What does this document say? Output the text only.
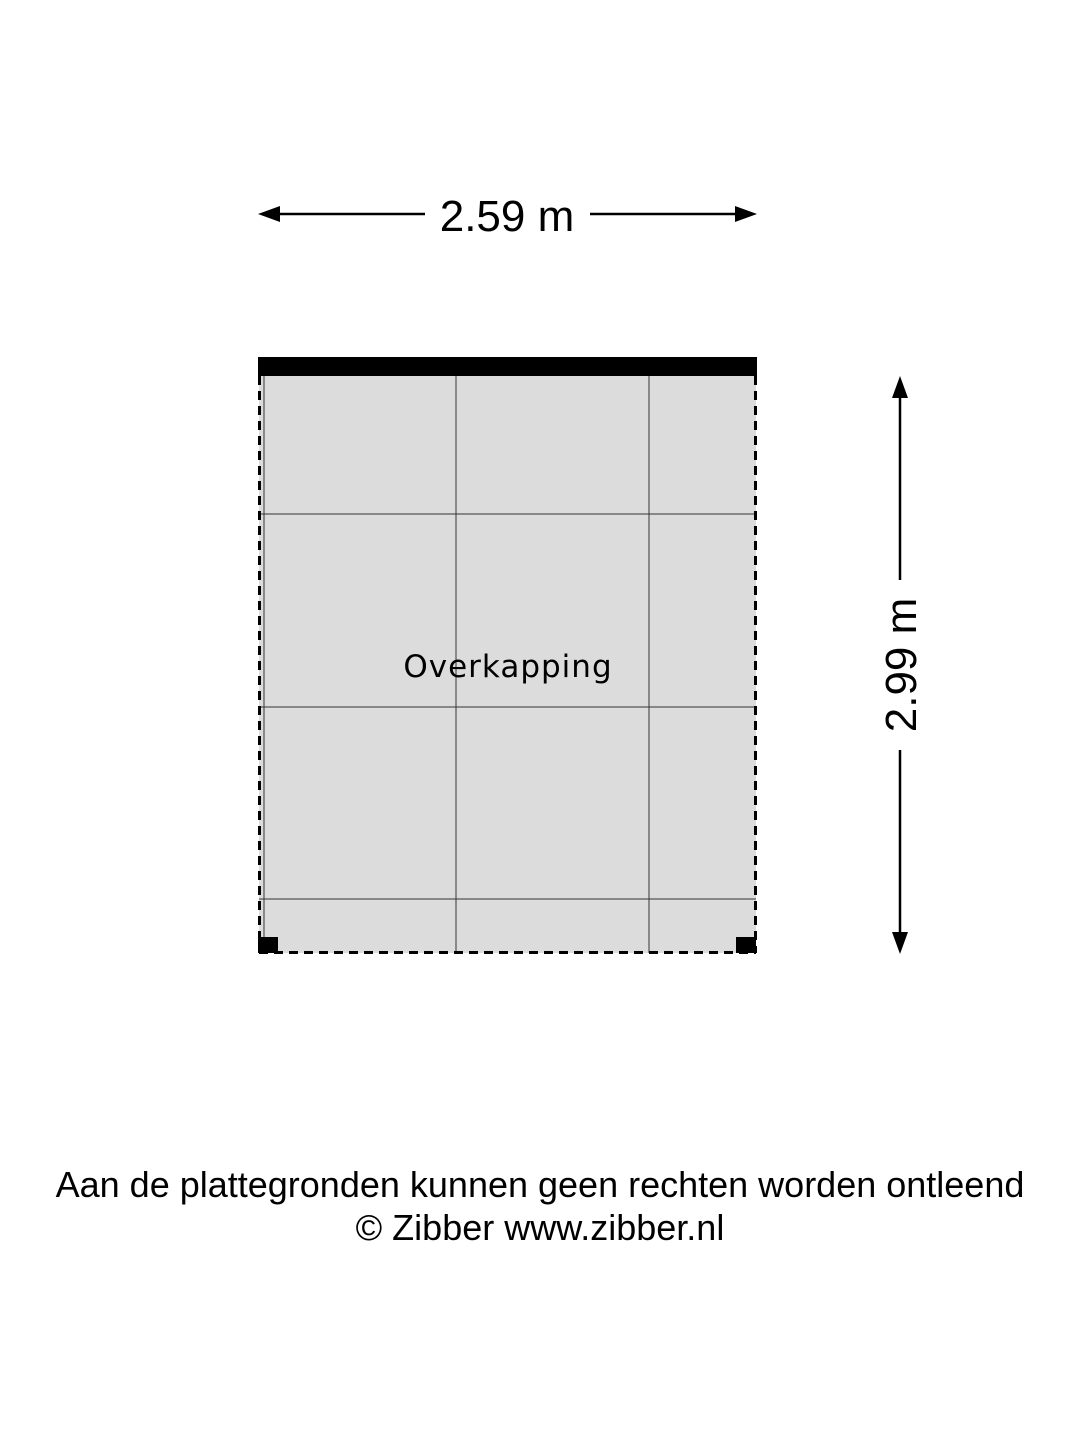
2.59 m
2.99 m
Overkapping
Aan de plattegronden kunnen geen rechten worden ontleend
© Zibber www.zibber.nl
